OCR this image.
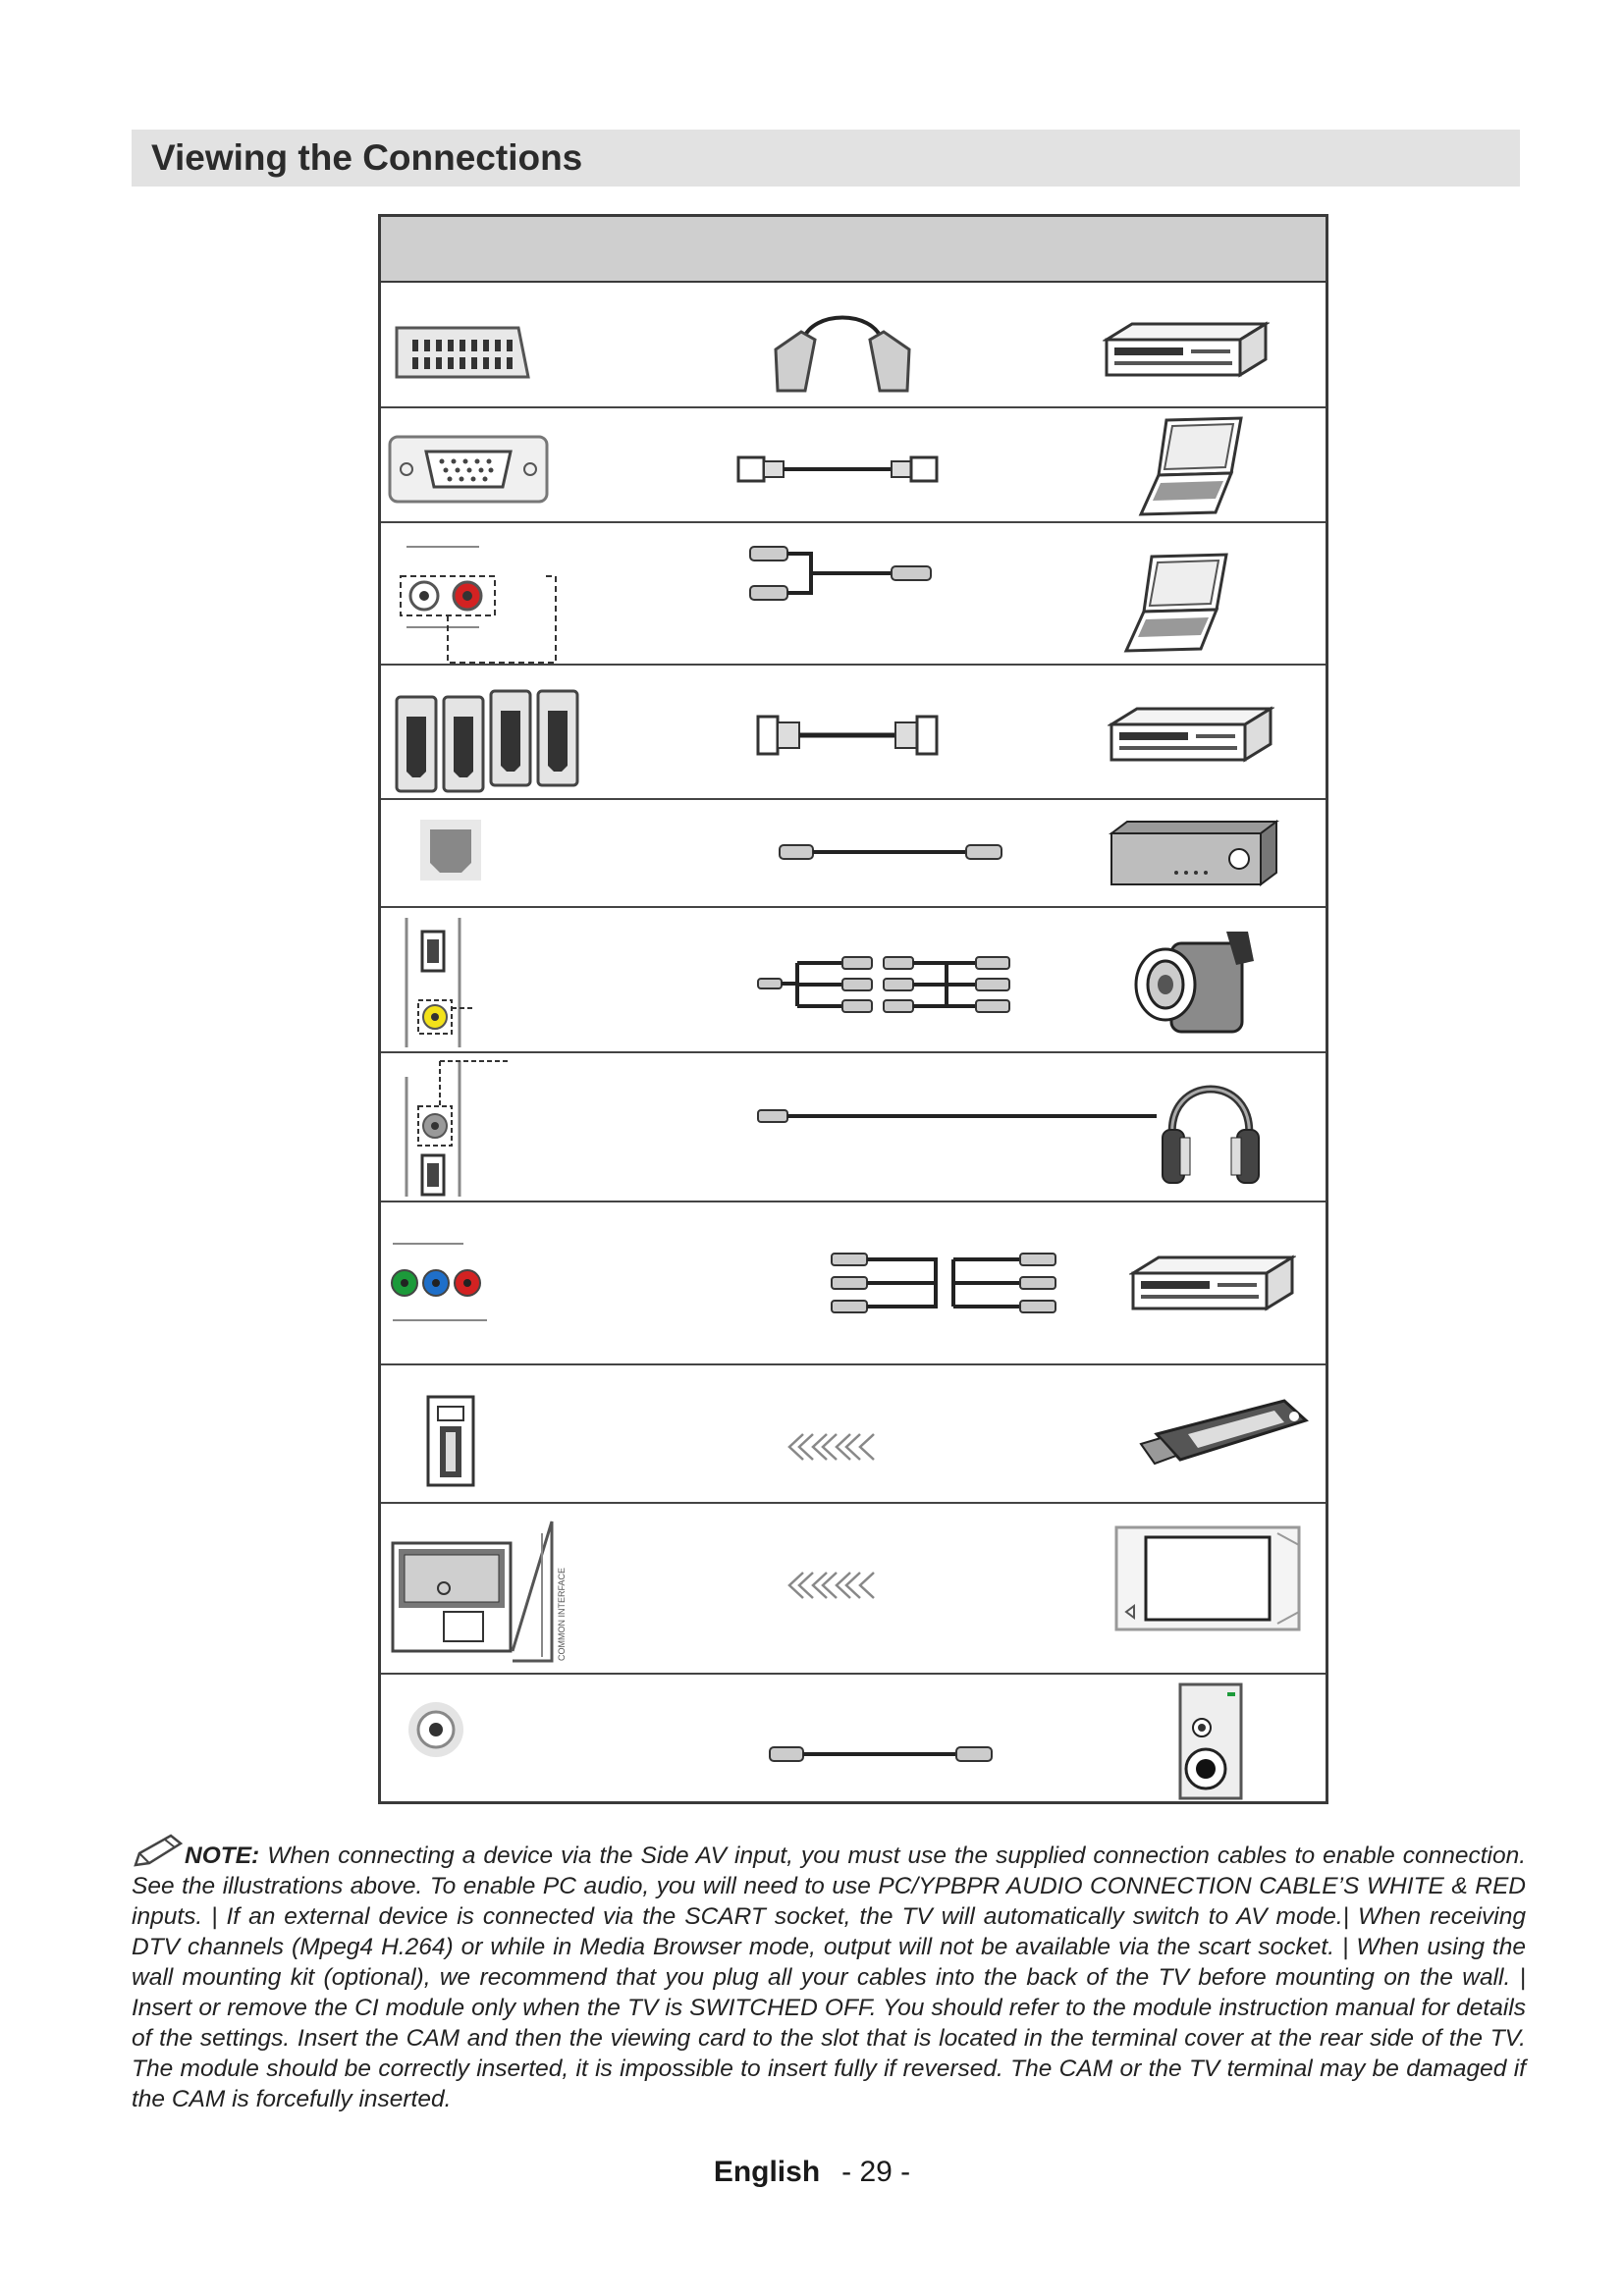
Viewing the Connections
COMMON INTERFACE
NOTE: When connecting a device via the Side AV input, you must use the supplied connection cables to enable connection. See the illustrations above. To enable PC audio, you will need to use PC/YPBPR AUDIO CONNECTION CABLE’S WHITE & RED inputs. | If an external device is connected via the SCART socket, the TV will automatically switch to AV mode.| When receiving DTV channels (Mpeg4 H.264) or while in Media Browser mode, output will not be available via the scart socket. | When using the wall mounting kit (optional), we recommend that you plug all your cables into the back of the TV before mounting on the wall. | Insert or remove the CI module only when the TV is SWITCHED OFF. You should refer to the module instruction manual for details of the settings. Insert the CAM and then the viewing card to the slot that is located in the terminal cover at the rear side of the TV. The module should be correctly inserted, it is impossible to insert fully if reversed. The CAM or the TV terminal may be damaged if the CAM is forcefully inserted.
English - 29 -
